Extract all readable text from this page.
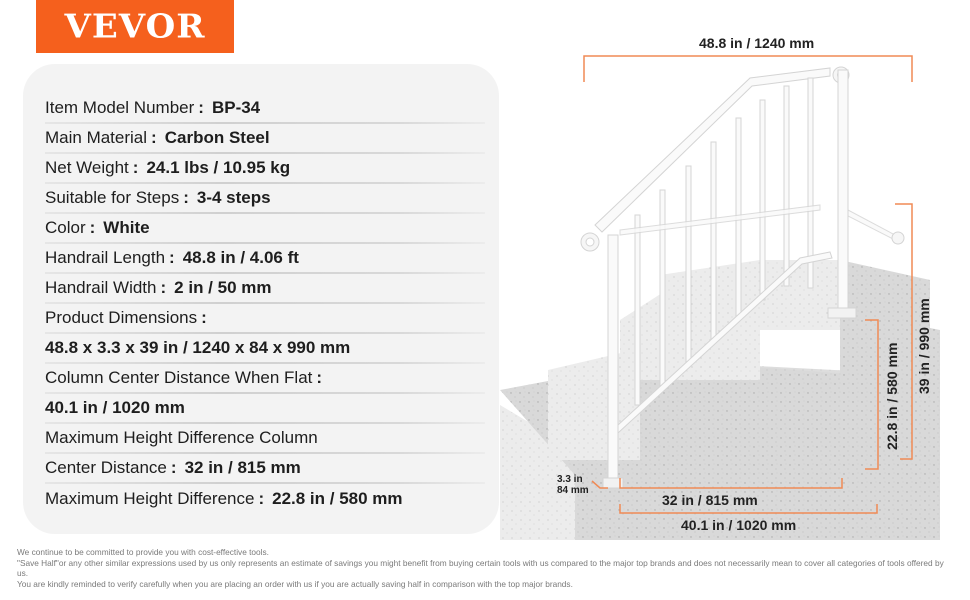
VEVOR
Item Model Number : BP-34
Main Material : Carbon Steel
Net Weight : 24.1 lbs / 10.95 kg
Suitable for Steps : 3-4 steps
Color : White
Handrail Length : 48.8 in / 4.06 ft
Handrail Width : 2 in / 50 mm
Product Dimensions :
48.8 x 3.3 x 39 in / 1240 x 84 x 990 mm
Column Center Distance When Flat :
40.1 in / 1020 mm
Maximum Height Difference Column
Center Distance : 32 in / 815 mm
Maximum Height Difference : 22.8 in / 580 mm
48.8 in / 1240 mm
39 in / 990 mm
22.8 in / 580 mm
32 in / 815 mm
40.1 in / 1020 mm
3.3 in
84 mm
We continue to be committed to provide you with cost-effective tools.
"Save Half"or any other similar expressions used by us only represents an estimate of savings you might benefit from buying certain tools with us compared to the major top brands and does not necessarily mean to cover all categories of tools offered by us.
You are kindly reminded to verify carefully when you are placing an order with us if you are actually saving half in comparison with the top major brands.
